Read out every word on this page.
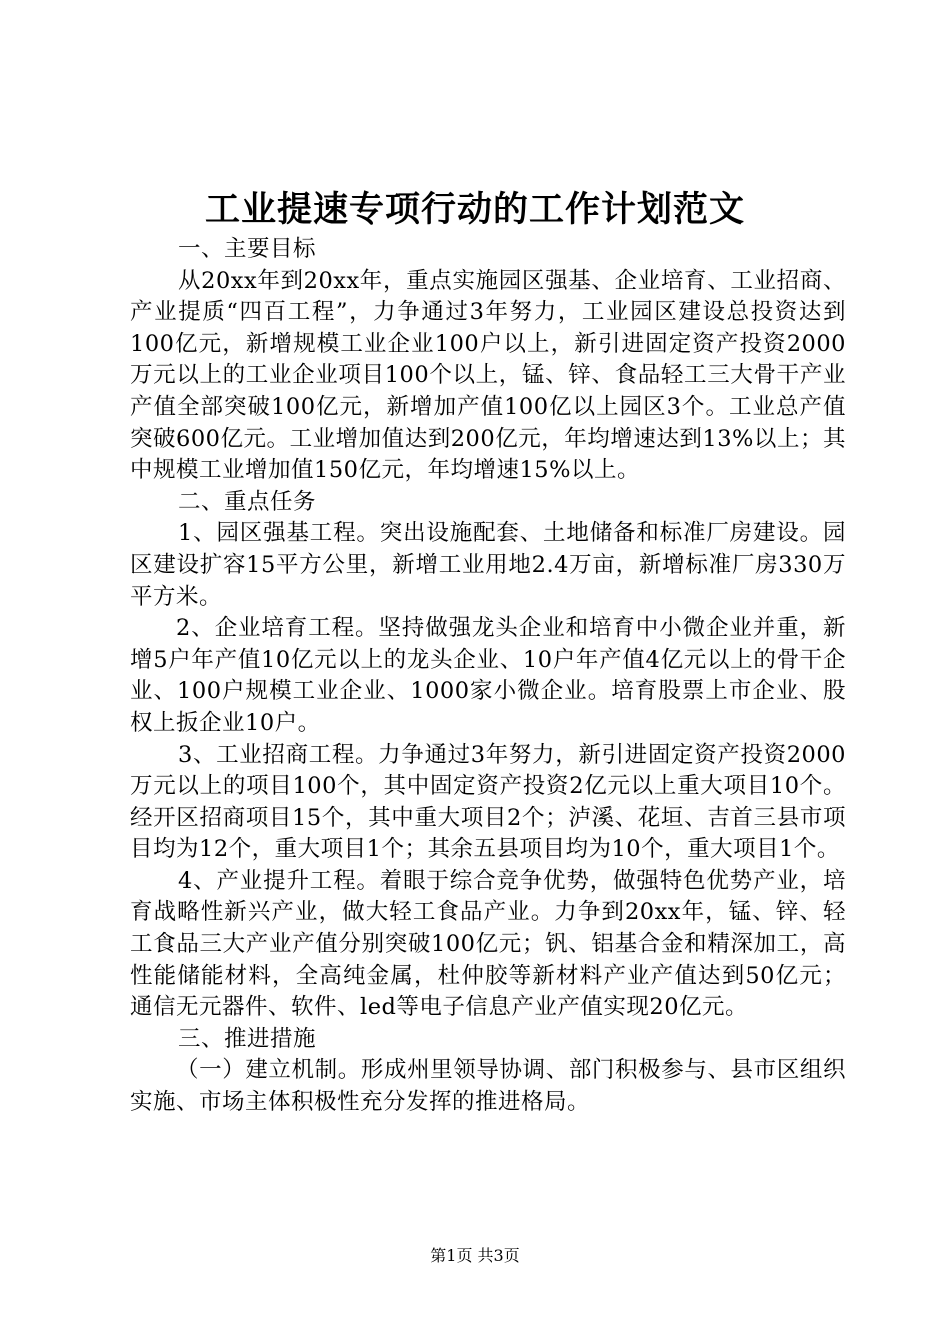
工业提速专项行动的工作计划范文

一、主要目标

从20xx年到20xx年，重点实施园区强基、企业培育、工业招商、产业提质“四百工程”，力争通过3年努力，工业园区建设总投资达到100亿元，新增规模工业企业100户以上，新引进固定资产投资2000万元以上的工业企业项目100个以上，锰、锌、食品轻工三大骨干产业产值全部突破100亿元，新增加产值100亿以上园区3个。工业总产值突破600亿元。工业增加值达到200亿元，年均增速达到13%以上；其中规模工业增加值150亿元，年均增速15%以上。

二、重点任务

1、园区强基工程。突出设施配套、土地储备和标准厂房建设。园区建设扩容15平方公里，新增工业用地2.4万亩，新增标准厂房330万平方米。

2、企业培育工程。坚持做强龙头企业和培育中小微企业并重，新增5户年产值10亿元以上的龙头企业、10户年产值4亿元以上的骨干企业、100户规模工业企业、1000家小微企业。培育股票上市企业、股权上扳企业10户。

3、工业招商工程。力争通过3年努力，新引进固定资产投资2000万元以上的项目100个，其中固定资产投资2亿元以上重大项目10个。经开区招商项目15个，其中重大项目2个；泸溪、花垣、吉首三县市项目均为12个，重大项目1个；其余五县项目均为10个，重大项目1个。

4、产业提升工程。着眼于综合竞争优势，做强特色优势产业，培育战略性新兴产业，做大轻工食品产业。力争到20xx年，锰、锌、轻工食品三大产业产值分别突破100亿元；钒、铝基合金和精深加工，高性能储能材料，全高纯金属，杜仲胶等新材料产业产值达到50亿元；通信无元器件、软件、led等电子信息产业产值实现20亿元。

三、推进措施

（一）建立机制。形成州里领导协调、部门积极参与、县市区组织实施、市场主体积极性充分发挥的推进格局。

第1页 共3页
